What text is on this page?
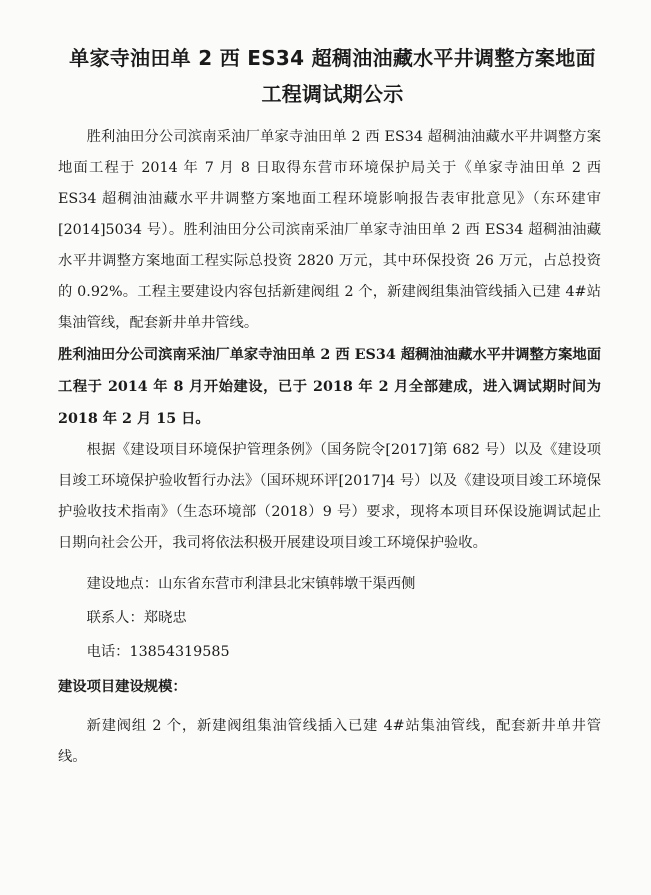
单家寺油田单 2 西 ES34 超稠油油藏水平井调整方案地面
工程调试期公示

胜利油田分公司滨南采油厂单家寺油田单 2 西 ES34 超稠油油藏水平井调整方案地面工程于 2014 年 7 月 8 日取得东营市环境保护局关于《单家寺油田单 2 西 ES34 超稠油油藏水平井调整方案地面工程环境影响报告表审批意见》（东环建审[2014]5034 号）。胜利油田分公司滨南采油厂单家寺油田单 2 西 ES34 超稠油油藏水平井调整方案地面工程实际总投资 2820 万元，其中环保投资 26 万元，占总投资的 0.92%。工程主要建设内容包括新建阀组 2 个，新建阀组集油管线插入已建 4#站集油管线，配套新井单井管线。

胜利油田分公司滨南采油厂单家寺油田单 2 西 ES34 超稠油油藏水平井调整方案地面工程于 2014 年 8 月开始建设，已于 2018 年 2 月全部建成，进入调试期时间为 2018 年 2 月 15 日。

根据《建设项目环境保护管理条例》（国务院令[2017]第 682 号）以及《建设项目竣工环境保护验收暂行办法》（国环规环评[2017]4 号）以及《建设项目竣工环境保护验收技术指南》（生态环境部（2018）9 号）要求，现将本项目环保设施调试起止日期向社会公开，我司将依法积极开展建设项目竣工环境保护验收。

建设地点：山东省东营市利津县北宋镇韩墩干渠西侧

联系人：郑晓忠

电话：13854319585

建设项目建设规模：

新建阀组 2 个，新建阀组集油管线插入已建 4#站集油管线，配套新井单井管线。
